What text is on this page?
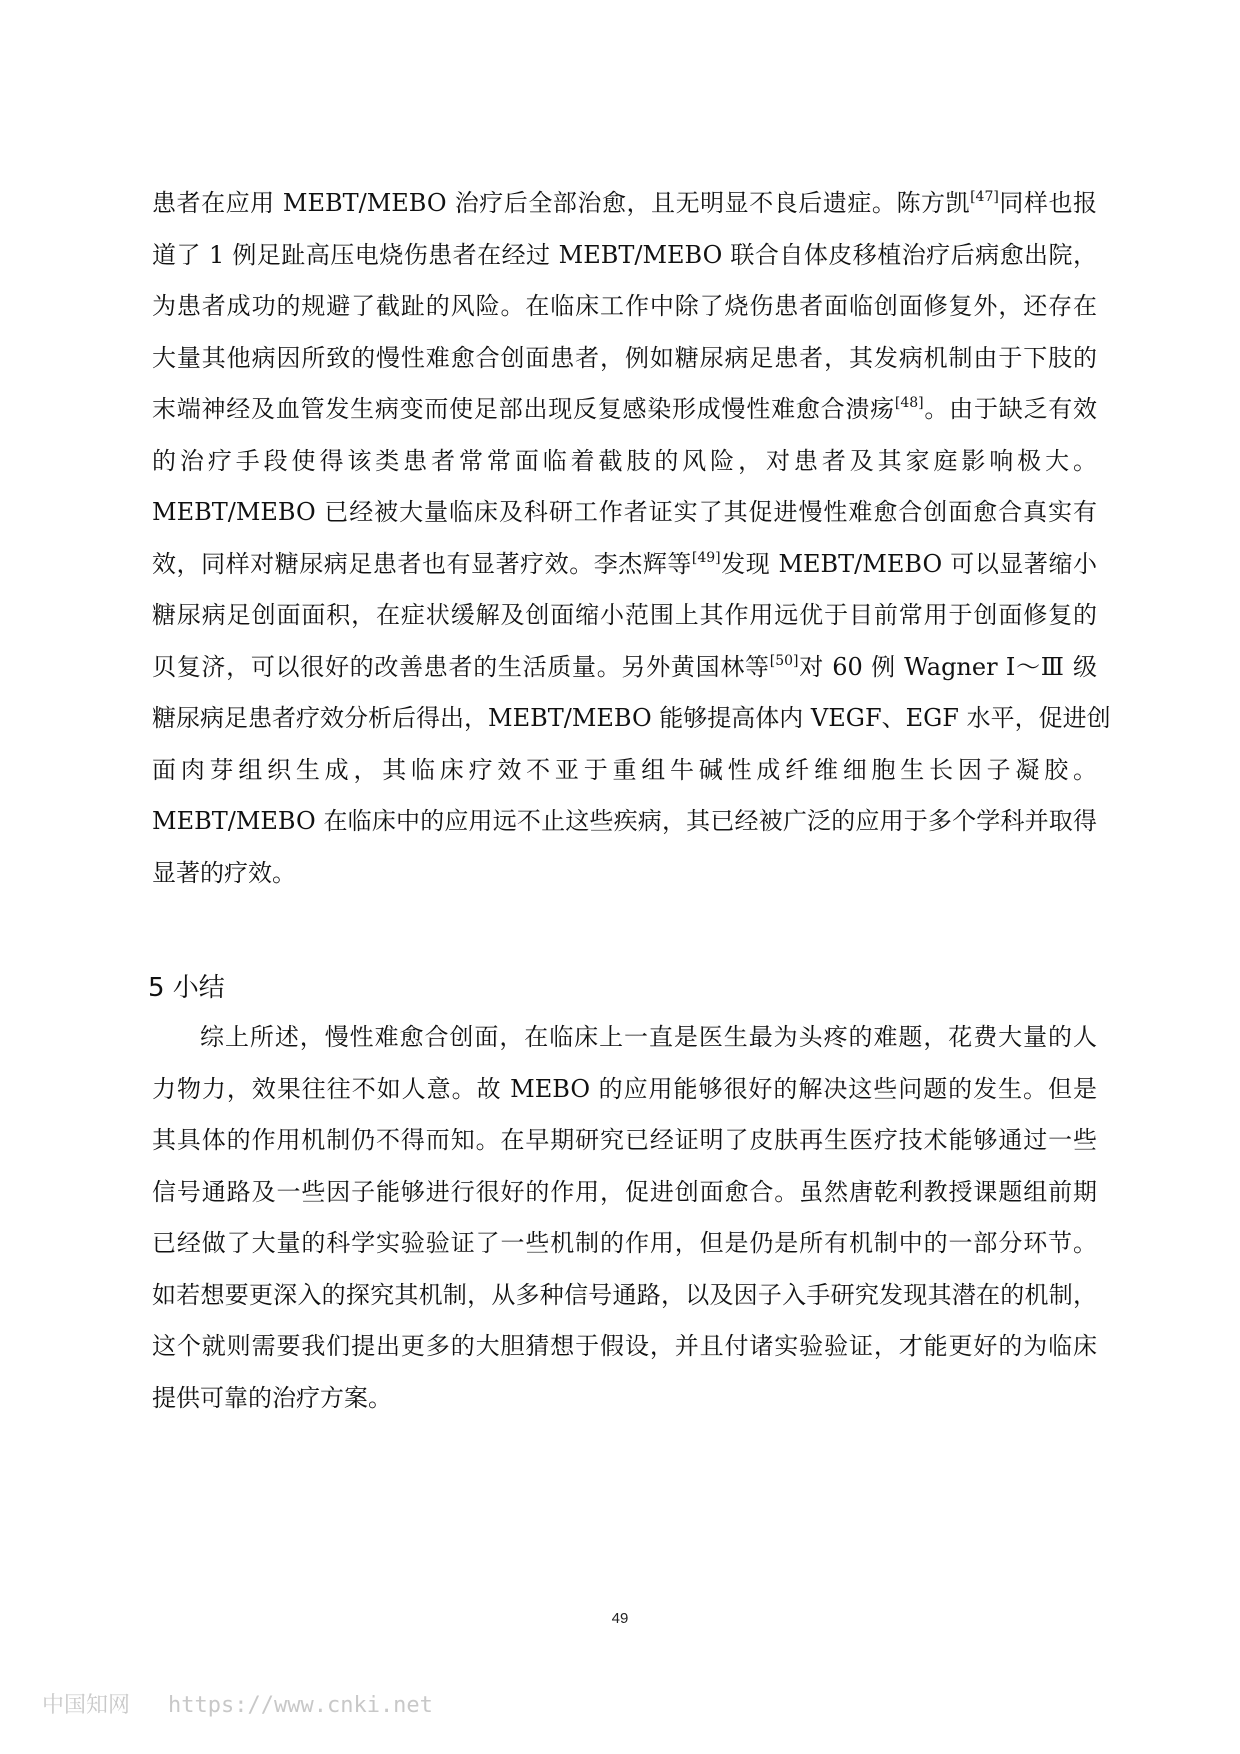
患者在应用 MEBT/MEBO 治疗后全部治愈，且无明显不良后遗症。陈方凯[47]同样也报
道了 1 例足趾高压电烧伤患者在经过 MEBT/MEBO 联合自体皮移植治疗后病愈出院，
为患者成功的规避了截趾的风险。在临床工作中除了烧伤患者面临创面修复外，还存在
大量其他病因所致的慢性难愈合创面患者，例如糖尿病足患者，其发病机制由于下肢的
末端神经及血管发生病变而使足部出现反复感染形成慢性难愈合溃疡[48]。由于缺乏有效
的治疗手段使得该类患者常常面临着截肢的风险，对患者及其家庭影响极大。
MEBT/MEBO 已经被大量临床及科研工作者证实了其促进慢性难愈合创面愈合真实有
效，同样对糖尿病足患者也有显著疗效。李杰辉等[49]发现 MEBT/MEBO 可以显著缩小
糖尿病足创面面积，在症状缓解及创面缩小范围上其作用远优于目前常用于创面修复的
贝复济，可以很好的改善患者的生活质量。另外黄国林等[50]对 60 例 Wagner Ⅰ～Ⅲ 级
糖尿病足患者疗效分析后得出，MEBT/MEBO 能够提高体内 VEGF、EGF 水平，促进创
面肉芽组织生成，其临床疗效不亚于重组牛碱性成纤维细胞生长因子凝胶。
MEBT/MEBO 在临床中的应用远不止这些疾病，其已经被广泛的应用于多个学科并取得
显著的疗效。
5 小结
综上所述，慢性难愈合创面，在临床上一直是医生最为头疼的难题，花费大量的人
力物力，效果往往不如人意。故 MEBO 的应用能够很好的解决这些问题的发生。但是
其具体的作用机制仍不得而知。在早期研究已经证明了皮肤再生医疗技术能够通过一些
信号通路及一些因子能够进行很好的作用，促进创面愈合。虽然唐乾利教授课题组前期
已经做了大量的科学实验验证了一些机制的作用，但是仍是所有机制中的一部分环节。
如若想要更深入的探究其机制，从多种信号通路，以及因子入手研究发现其潜在的机制，
这个就则需要我们提出更多的大胆猜想于假设，并且付诸实验验证，才能更好的为临床
提供可靠的治疗方案。
49
中国知网 https://www.cnki.net
